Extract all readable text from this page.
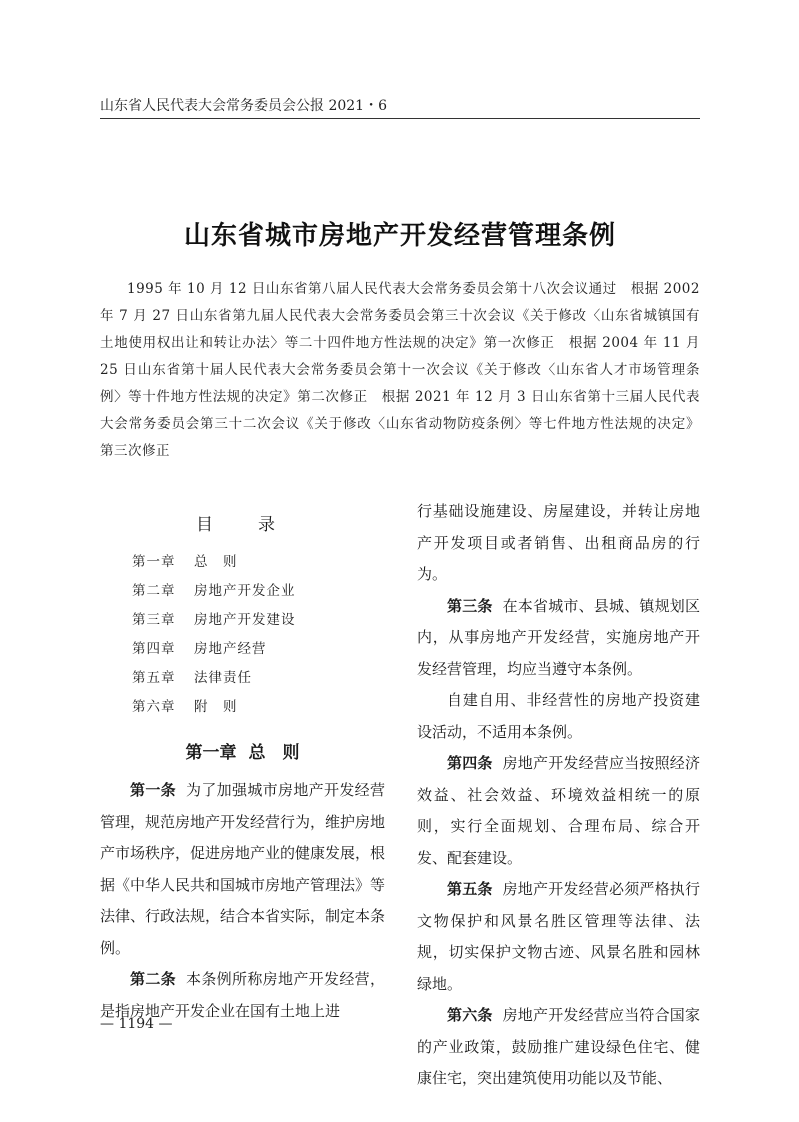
山东省人民代表大会常务委员会公报 2021・6
山东省城市房地产开发经营管理条例
1995 年 10 月 12 日山东省第八届人民代表大会常务委员会第十八次会议通过　根据 2002 年 7 月 27 日山东省第九届人民代表大会常务委员会第三十次会议《关于修改〈山东省城镇国有土地使用权出让和转让办法〉等二十四件地方性法规的决定》第一次修正　根据 2004 年 11 月 25 日山东省第十届人民代表大会常务委员会第十一次会议《关于修改〈山东省人才市场管理条例〉等十件地方性法规的决定》第二次修正　根据 2021 年 12 月 3 日山东省第十三届人民代表大会常务委员会第三十二次会议《关于修改〈山东省动物防疫条例〉等七件地方性法规的决定》第三次修正
目　录
第一章 总　则
第二章 房地产开发企业
第三章 房地产开发建设
第四章 房地产经营
第五章 法律责任
第六章 附　则
第一章 总　则

第一条 为了加强城市房地产开发经营管理，规范房地产开发经营行为，维护房地产市场秩序，促进房地产业的健康发展，根据《中华人民共和国城市房地产管理法》等法律、行政法规，结合本省实际，制定本条例。

第二条 本条例所称房地产开发经营，是指房地产开发企业在国有土地上进

行基础设施建设、房屋建设，并转让房地产开发项目或者销售、出租商品房的行为。

第三条 在本省城市、县城、镇规划区内，从事房地产开发经营，实施房地产开发经营管理，均应当遵守本条例。

自建自用、非经营性的房地产投资建设活动，不适用本条例。

第四条 房地产开发经营应当按照经济效益、社会效益、环境效益相统一的原则，实行全面规划、合理布局、综合开发、配套建设。

第五条 房地产开发经营必须严格执行文物保护和风景名胜区管理等法律、法规，切实保护文物古迹、风景名胜和园林绿地。

第六条 房地产开发经营应当符合国家的产业政策，鼓励推广建设绿色住宅、健康住宅，突出建筑使用功能以及节能、

— 1194 —
